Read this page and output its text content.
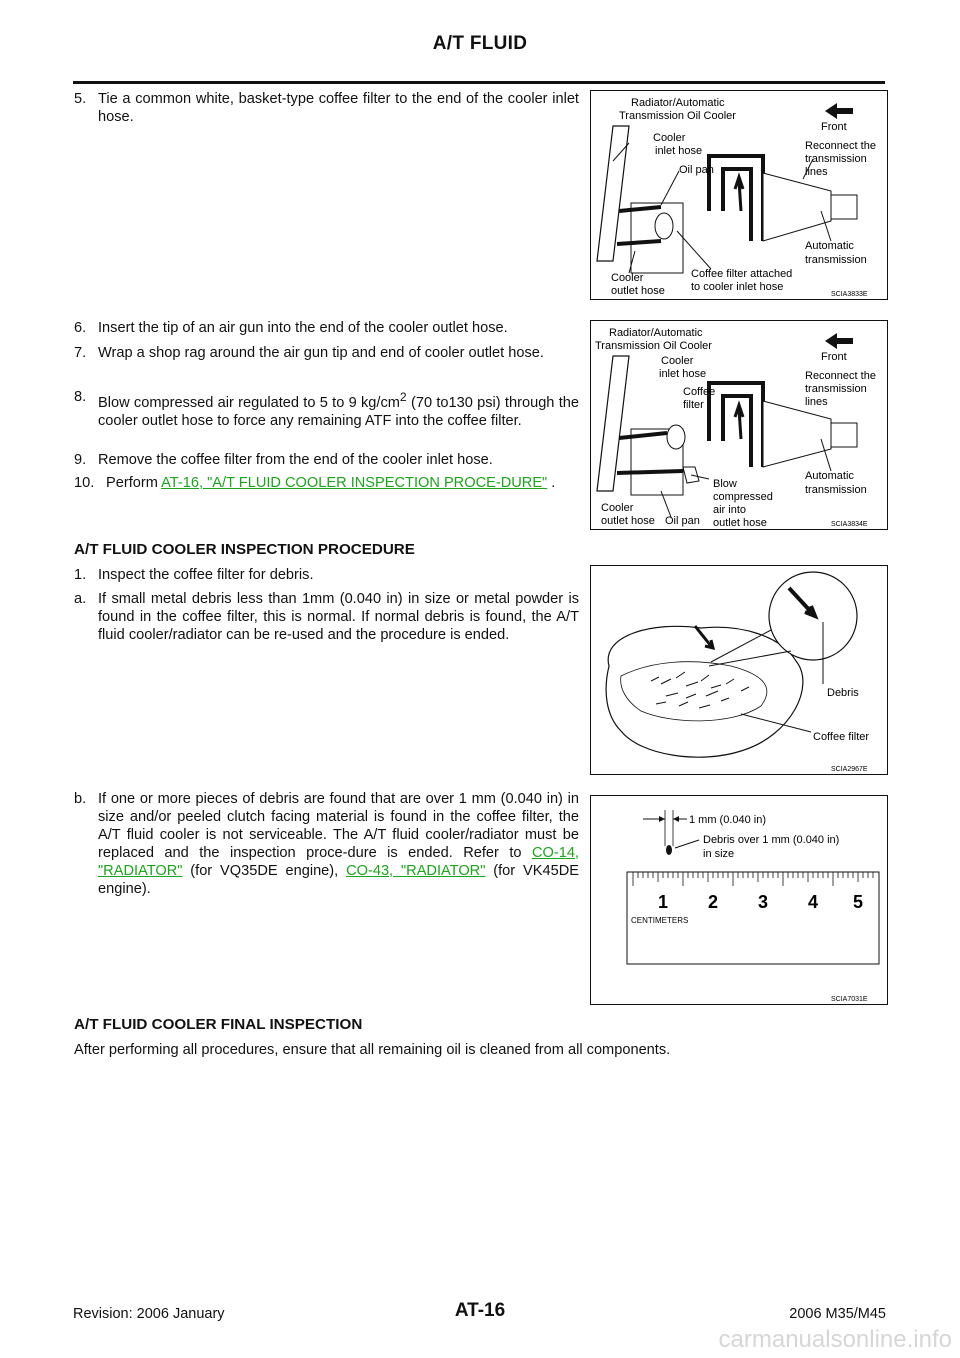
A/T FLUID
5. Tie a common white, basket-type coffee filter to the end of the cooler inlet hose.
6. Insert the tip of an air gun into the end of the cooler outlet hose.
7. Wrap a shop rag around the air gun tip and end of cooler outlet hose.
8. Blow compressed air regulated to 5 to 9 $kg/cm^2$ (70 to130 psi) through the cooler outlet hose to force any remaining ATF into the coffee filter.
9. Remove the coffee filter from the end of the cooler inlet hose.
10. Perform AT-16, "A/T FLUID COOLER INSPECTION PROCE-DURE" .
A/T FLUID COOLER INSPECTION PROCEDURE
1. Inspect the coffee filter for debris.
a. If small metal debris less than 1mm (0.040 in) in size or metal powder is found in the coffee filter, this is normal. If normal debris is found, the A/T fluid cooler/radiator can be re-used and the procedure is ended.
b. If one or more pieces of debris are found that are over 1 mm (0.040 in) in size and/or peeled clutch facing material is found in the coffee filter, the A/T fluid cooler is not serviceable. The A/T fluid cooler/radiator must be replaced and the inspection proce-dure is ended. Refer to CO-14, "RADIATOR" (for VQ35DE engine), CO-43, "RADIATOR" (for VK45DE engine).
A/T FLUID COOLER FINAL INSPECTION
After performing all procedures, ensure that all remaining oil is cleaned from all components.
Radiator/Automatic
Transmission Oil Cooler
Front
Cooler
inlet hose
Oil pan
Reconnect the
transmission
lines
Automatic
transmission
Cooler
outlet hose
Coffee filter attached
to cooler inlet hose
SCIA3833E
Radiator/Automatic
Transmission Oil Cooler
Front
Cooler
inlet hose
Coffee
filter
Reconnect the
transmission
lines
Automatic
transmission
Cooler
outlet hose Oil pan
Blow
compressed
air into
outlet hose	SCIA3834E
Debris
Coffee filter
SCIA2967E
1 mm (0.040 in)
Debris over 1 mm (0.040 in)
in size
1 2 3 4 5
CENTIMETERS
SCIA7031E
Revision: 2006 January	AT-16	2006 M35/M45
carmanualsonline.info
